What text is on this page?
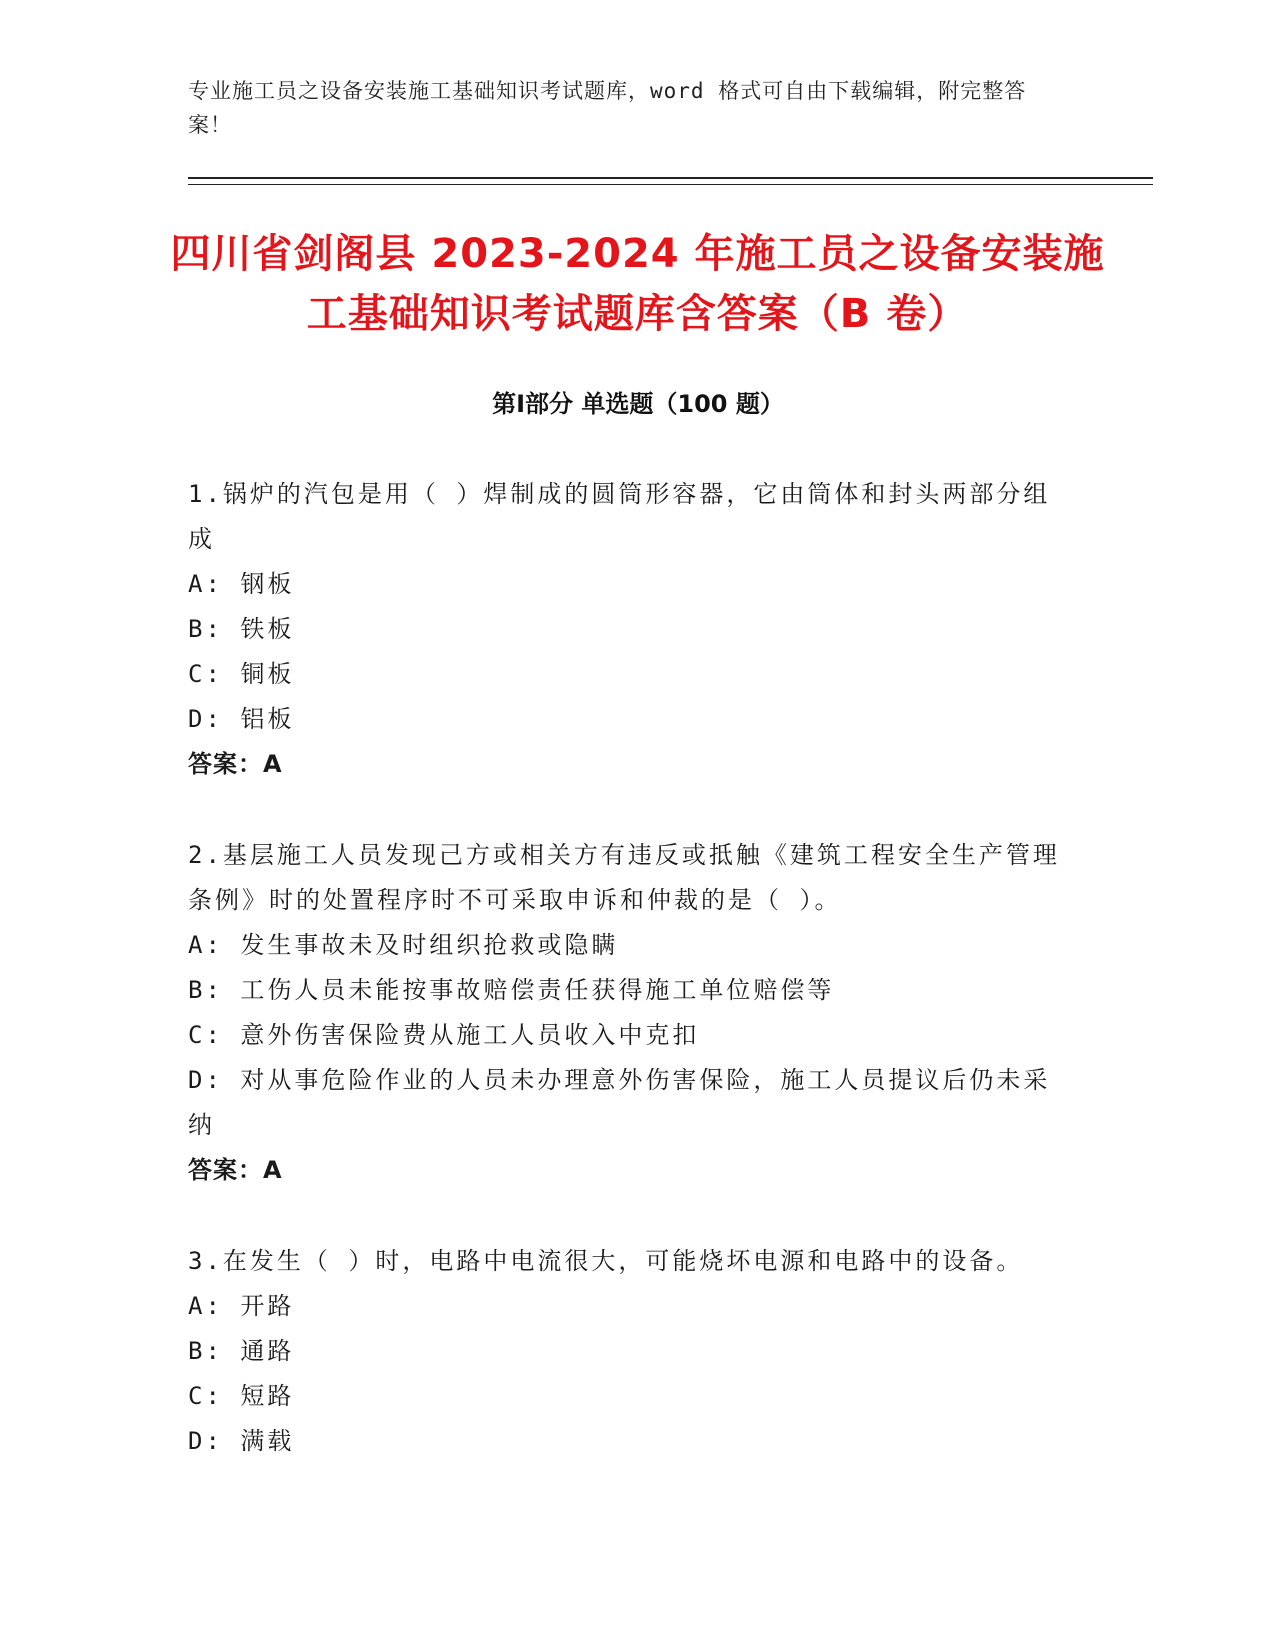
专业施工员之设备安装施工基础知识考试题库，word 格式可自由下载编辑，附完整答案！
四川省剑阁县 2023-2024 年施工员之设备安装施工基础知识考试题库含答案（B 卷）
第Ⅰ部分 单选题（100 题）
1.锅炉的汽包是用（ ）焊制成的圆筒形容器，它由筒体和封头两部分组成
A: 钢板
B: 铁板
C: 铜板
D: 铝板
答案：A
2.基层施工人员发现己方或相关方有违反或抵触《建筑工程安全生产管理条例》时的处置程序时不可采取申诉和仲裁的是（ ）。
A: 发生事故未及时组织抢救或隐瞒
B: 工伤人员未能按事故赔偿责任获得施工单位赔偿等
C: 意外伤害保险费从施工人员收入中克扣
D: 对从事危险作业的人员未办理意外伤害保险，施工人员提议后仍未采纳
答案：A
3.在发生（ ）时，电路中电流很大，可能烧坏电源和电路中的设备。
A: 开路
B: 通路
C: 短路
D: 满载
